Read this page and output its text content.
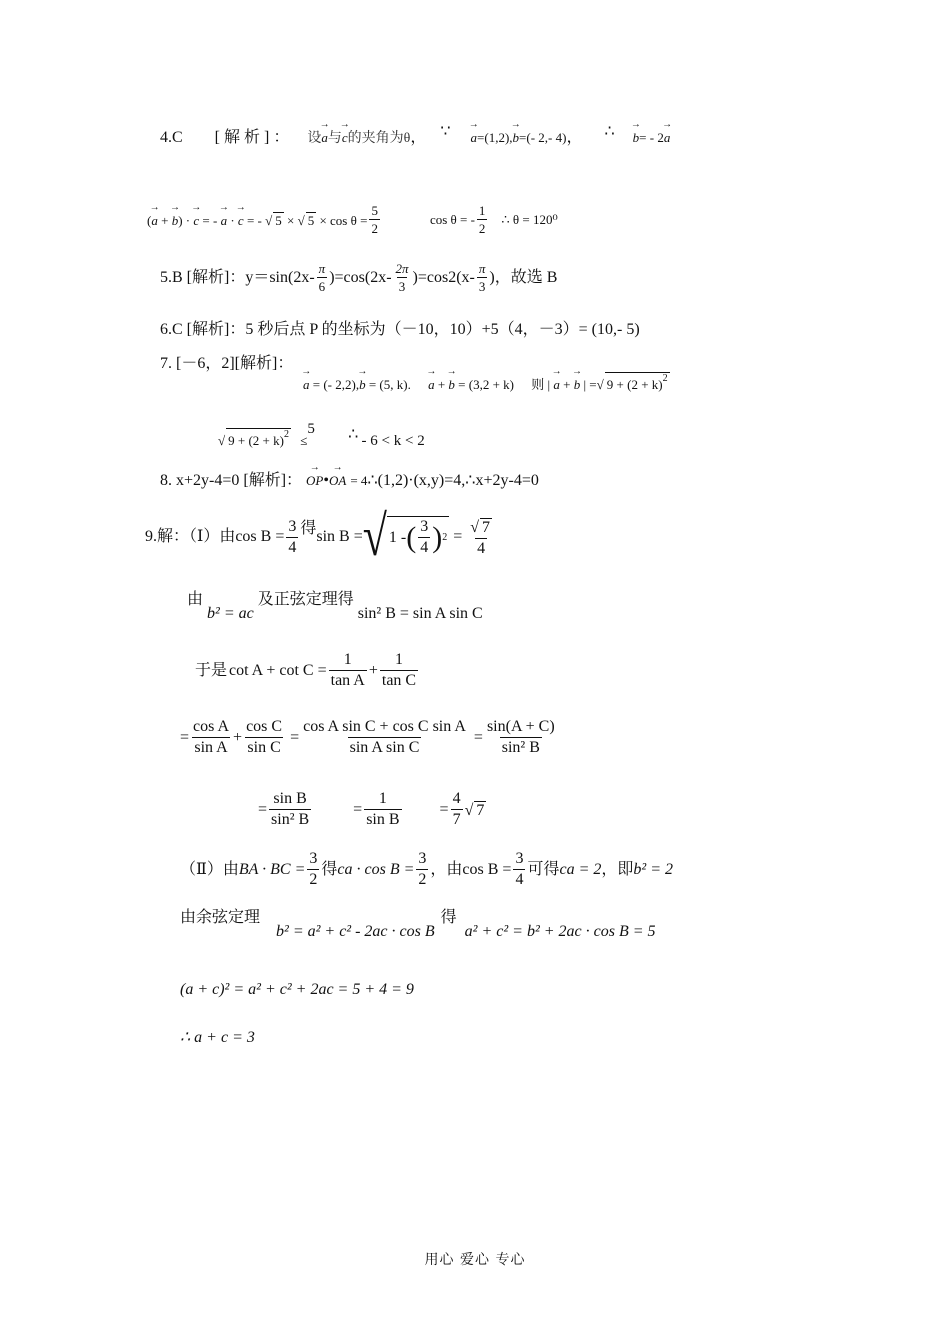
4.C [ 解 析 ] ： 设→ a与→ c的夹角为θ， ∵ → a=(1,2),→ b=(- 2,- 4)， ∴ → b= - 2→ a
(→ a + → b) · → c = - → a · → c = - √ 5 × √ $5 \times \cos \theta = \frac{5}{2}$	cos θ = -
1
2
∴ θ = 120⁰
5.B [解析]：y＝sin(2x- π
6
)=cos(2x- 2π
3
)=cos2(x- π
3
)，故选 B
6.C [解析]：5 秒后点 P 的坐标为（－10，10）+5（4，－3）= (10,- 5)
7. [－6，2][解析]：
→ a = (- 2,2),→ b = (5, k). → a + → b = (3,2 + k) 则 | → a + → b | =√ $9 + (2 + k)^2$
√ $9 + (2 + k)^2 \le 5$ ∴ - 6 < k < 2
8. x+2y-4=0 [解析]： → OP•→ OA = 4∴(1,2)·(x,y)=4,∴x+2y-4=0
9.解：（Ⅰ）由 $\cos B = \frac{3}{4}$ 得 sin B = √ 1 - ( 3
4 ) $2 = \frac{√ 7}{4}$
由 b² = ac 及正弦定理得 sin² B = sin A sin C
于是 $\cot A + \cot C = \frac{1}{\text{tan A}} + \frac{1}{\text{tan C}}$
= $\frac{\text{cos A}}{\text{sin A}} + \frac{\text{cos C}}{\text{sin C}} = \frac{\text{cos A sin C + cos C sin A}}{\text{sin A sin C}} = \frac{\sin(A + C)}{\text{sin² B}}$
= $\frac{\text{sin B}}{\text{sin² B}}$	= $\frac{1}{\text{sin B}} = \frac{4}{7}$ √ 7
（Ⅱ）由 BA · BC = $\frac{3}{2}$ 得 ca · $\cos B = \frac{3}{2}$ ，由 $\cos B = \frac{3}{4}$ 可得 ca = 2 ，即 b² = 2
由余弦定理 b² = a² + c² - 2ac · cos B 得 a² + c² = b² + 2ac · cos B = 5
(a + c)² = a² + c² + 2ac = 5 + 4 = 9
∴ a + c = 3
用心 爱心 专心
